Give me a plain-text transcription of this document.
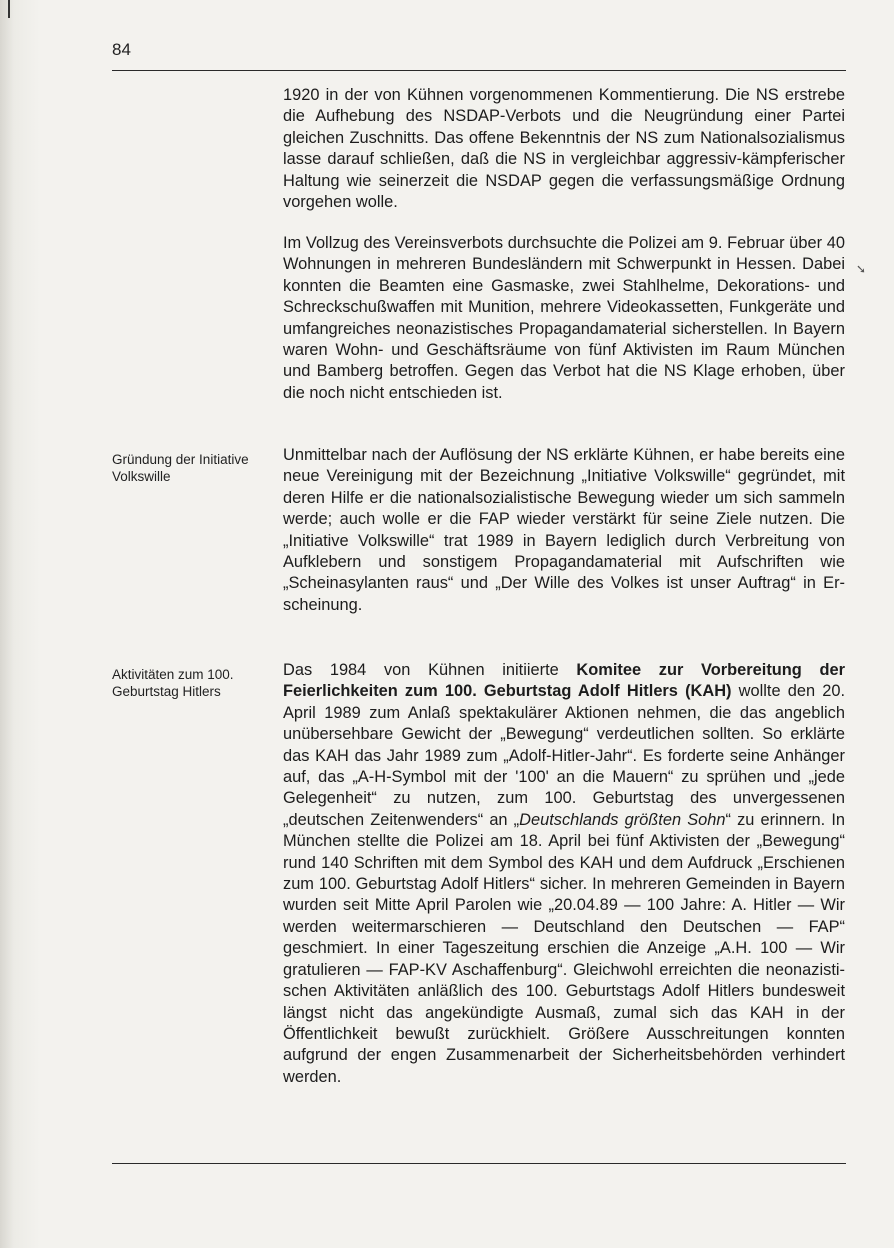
84
Gründung der Initiative Volkswille
Aktivitäten zum 100. Geburtstag Hitlers
1920 in der von Kühnen vorgenommenen Kommentierung. Die NS erstrebe die Aufhebung des NSDAP-Verbots und die Neugründung einer Partei gleichen Zuschnitts. Das offene Bekenntnis der NS zum Nationalsozialismus lasse darauf schließen, daß die NS in vergleichbar aggressiv-kämpferischer Haltung wie seinerzeit die NSDAP gegen die verfassungsmäßige Ordnung vorgehen wolle.
Im Vollzug des Vereinsverbots durchsuchte die Polizei am 9. Februar über 40 Wohnungen in mehreren Bundesländern mit Schwerpunkt in Hessen. Dabei konnten die Beamten eine Gasmaske, zwei Stahlhelme, Dekorations- und Schreckschußwaffen mit Munition, mehrere Videokassetten, Funkgeräte und umfangreiches neonazistisches Propagandamaterial sicherstellen. In Bayern waren Wohn- und Geschäftsräume von fünf Aktivisten im Raum München und Bamberg betroffen. Gegen das Verbot hat die NS Klage erhoben, über die noch nicht entschieden ist.
Unmittelbar nach der Auflösung der NS erklärte Kühnen, er habe bereits eine neue Vereinigung mit der Bezeichnung „Initiative Volkswille“ gegründet, mit deren Hilfe er die nationalsozialistische Bewegung wieder um sich sammeln werde; auch wolle er die FAP wieder verstärkt für seine Ziele nutzen. Die „Initiative Volkswille“ trat 1989 in Bayern lediglich durch Verbreitung von Aufklebern und sonstigem Propagandamaterial mit Aufschriften wie „Scheinasylanten raus“ und „Der Wille des Volkes ist unser Auftrag“ in Erscheinung.
Das 1984 von Kühnen initiierte Komitee zur Vorbereitung der Feierlichkeiten zum 100. Geburtstag Adolf Hitlers (KAH) wollte den 20. April 1989 zum Anlaß spektakulärer Aktionen nehmen, die das angeblich unübersehbare Gewicht der „Bewegung“ verdeutlichen sollten. So erklärte das KAH das Jahr 1989 zum „Adolf-Hitler-Jahr“. Es forderte seine Anhänger auf, das „A-H-Symbol mit der '100' an die Mauern“ zu sprühen und „jede Gelegenheit“ zu nutzen, zum 100. Geburtstag des unvergessenen „deutschen Zeitenwenders“ an „Deutschlands größten Sohn“ zu erinnern. In München stellte die Polizei am 18. April bei fünf Aktivisten der „Bewegung“ rund 140 Schriften mit dem Symbol des KAH und dem Aufdruck „Erschienen zum 100. Geburtstag Adolf Hitlers“ sicher. In mehreren Gemeinden in Bayern wurden seit Mitte April Parolen wie „20.04.89 — 100 Jahre: A. Hitler — Wir werden weitermarschieren — Deutschland den Deutschen — FAP“ geschmiert. In einer Tageszeitung erschien die Anzeige „A.H. 100 — Wir gratulieren — FAP-KV Aschaffenburg“. Gleichwohl erreichten die neonazistischen Aktivitäten anläßlich des 100. Geburtstags Adolf Hitlers bundesweit längst nicht das angekündigte Ausmaß, zumal sich das KAH in der Öffentlichkeit bewußt zurückhielt. Größere Ausschreitungen konnten aufgrund der engen Zusammenarbeit der Sicherheitsbehörden verhindert werden.
➘
